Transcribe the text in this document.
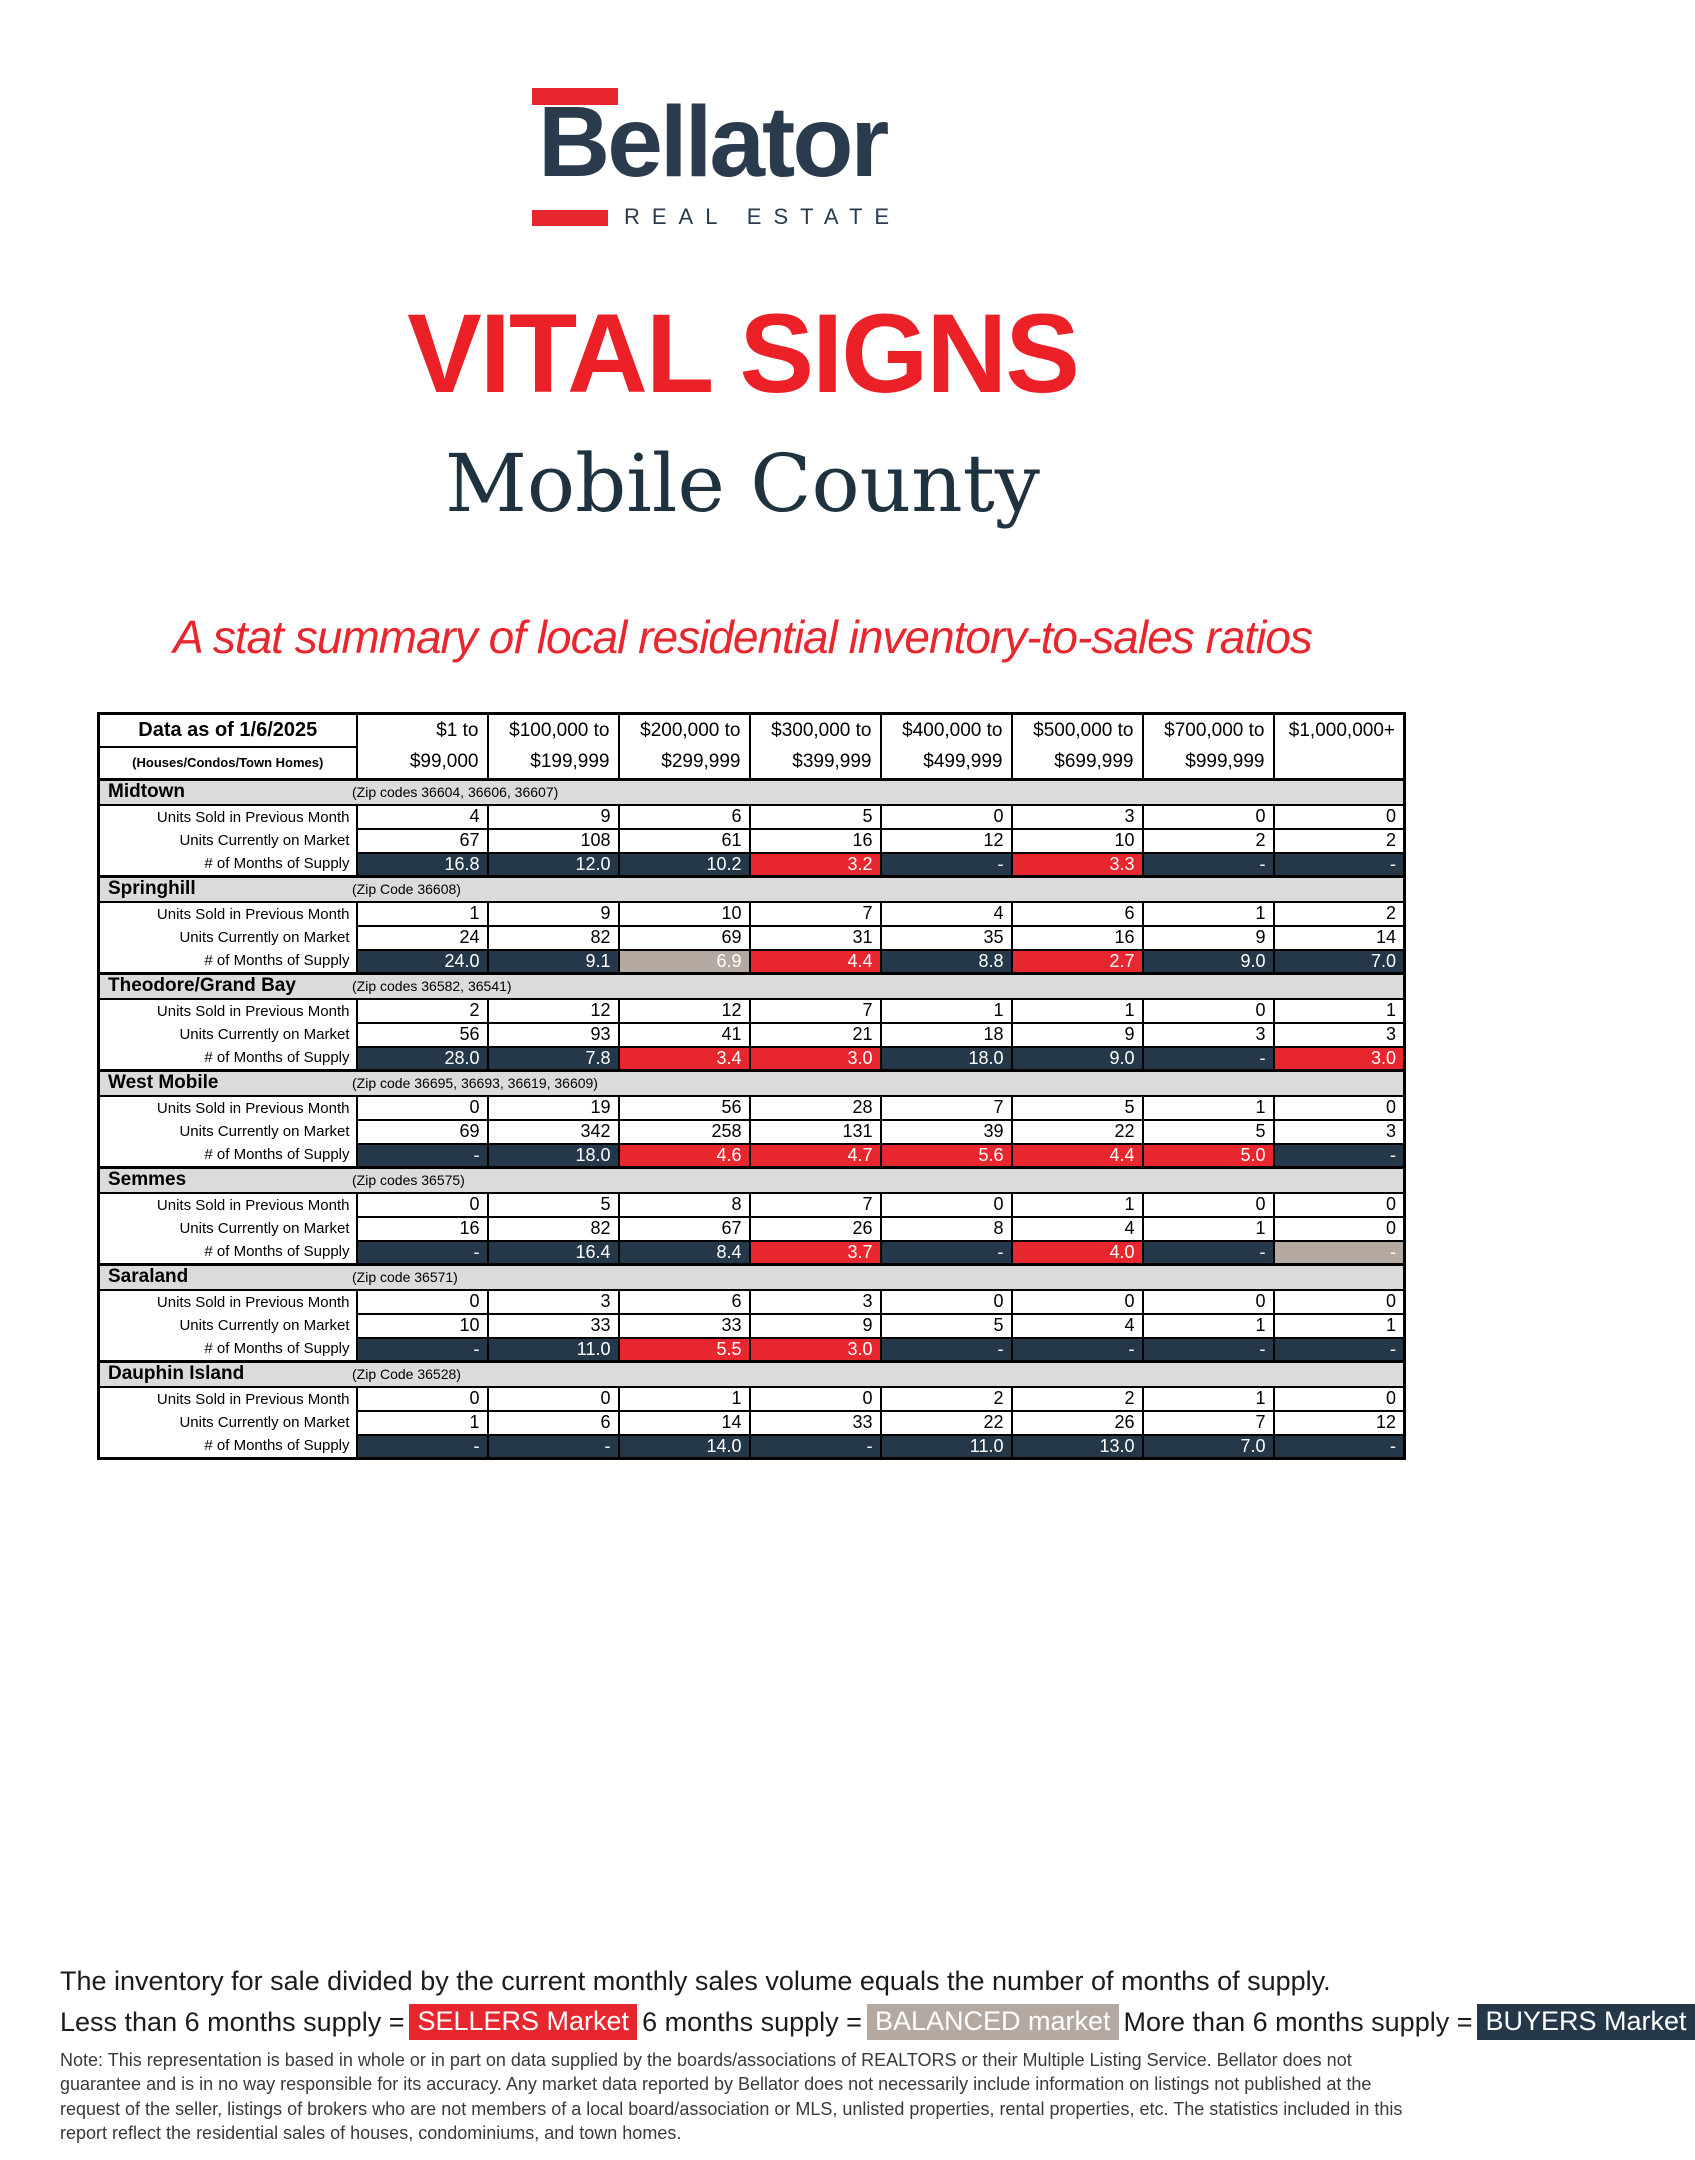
Bellator
REAL ESTATE
VITAL SIGNS
Mobile County
A stat summary of local residential inventory-to-sales ratios
Data as of 1/6/2025	$1 to	$100,000 to	$200,000 to	$300,000 to	$400,000 to	$500,000 to	$700,000 to	$1,000,000+
(Houses/Condos/Town Homes)	$99,000	$199,999	$299,999	$399,999	$499,999	$699,999	$999,999	

Midtown (Zip codes 36604, 36606, 36607)								

Units Sold in Previous Month	4	9	6	5	0	3	0	0
Units Currently on Market	67	108	61	16	12	10	2	2
# of Months of Supply	16.8	12.0	10.2	3.2	-	3.3	-	-

Springhill (Zip Code 36608)								

Units Sold in Previous Month	1	9	10	7	4	6	1	2
Units Currently on Market	24	82	69	31	35	16	9	14
# of Months of Supply	24.0	9.1	6.9	4.4	8.8	2.7	9.0	7.0

Theodore/Grand Bay (Zip codes 36582, 36541)								

Units Sold in Previous Month	2	12	12	7	1	1	0	1
Units Currently on Market	56	93	41	21	18	9	3	3
# of Months of Supply	28.0	7.8	3.4	3.0	18.0	9.0	-	3.0

West Mobile (Zip code 36695, 36693, 36619, 36609)								

Units Sold in Previous Month	0	19	56	28	7	5	1	0
Units Currently on Market	69	342	258	131	39	22	5	3
# of Months of Supply	-	18.0	4.6	4.7	5.6	4.4	5.0	-

Semmes (Zip codes 36575)								

Units Sold in Previous Month	0	5	8	7	0	1	0	0
Units Currently on Market	16	82	67	26	8	4	1	0
# of Months of Supply	-	16.4	8.4	3.7	-	4.0	-	-

Saraland (Zip code 36571)								

Units Sold in Previous Month	0	3	6	3	0	0	0	0
Units Currently on Market	10	33	33	9	5	4	1	1
# of Months of Supply	-	11.0	5.5	3.0	-	-	-	-

Dauphin Island (Zip Code 36528)								

Units Sold in Previous Month	0	0	1	0	2	2	1	0
Units Currently on Market	1	6	14	33	22	26	7	12
# of Months of Supply	-	-	14.0	-	11.0	13.0	7.0	-
The inventory for sale divided by the current monthly sales volume equals the number of months of supply.
Less than 6 months supply = SELLERS Market 6 months supply = BALANCED market More than 6 months supply = BUYERS Market
Note: This representation is based in whole or in part on data supplied by the boards/associations of REALTORS or their Multiple Listing Service. Bellator does not guarantee and is in no way responsible for its accuracy. Any market data reported by Bellator does not necessarily include information on listings not published at the request of the seller, listings of brokers who are not members of a local board/association or MLS, unlisted properties, rental properties, etc. The statistics included in this report reflect the residential sales of houses, condominiums, and town homes.
